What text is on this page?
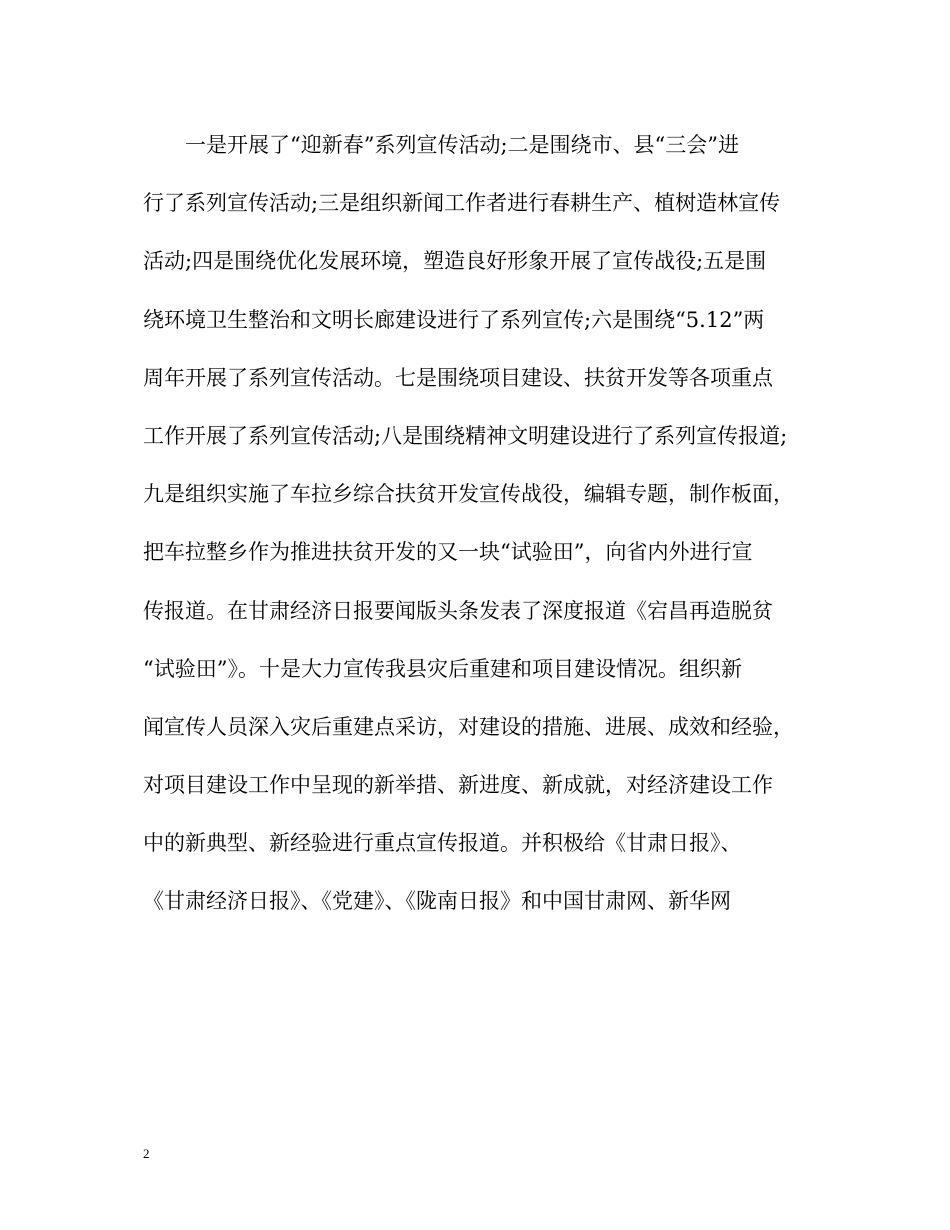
　　一是开展了“迎新春”系列宣传活动;二是围绕市、县“三会”进
行了系列宣传活动;三是组织新闻工作者进行春耕生产、植树造林宣传
活动;四是围绕优化发展环境，塑造良好形象开展了宣传战役;五是围
绕环境卫生整治和文明长廊建设进行了系列宣传;六是围绕“5.12”两
周年开展了系列宣传活动。七是围绕项目建设、扶贫开发等各项重点
工作开展了系列宣传活动;八是围绕精神文明建设进行了系列宣传报道;
九是组织实施了车拉乡综合扶贫开发宣传战役，编辑专题，制作板面，
把车拉整乡作为推进扶贫开发的又一块“试验田”，向省内外进行宣
传报道。在甘肃经济日报要闻版头条发表了深度报道《宕昌再造脱贫
“试验田”》。十是大力宣传我县灾后重建和项目建设情况。组织新
闻宣传人员深入灾后重建点采访，对建设的措施、进展、成效和经验，
对项目建设工作中呈现的新举措、新进度、新成就，对经济建设工作
中的新典型、新经验进行重点宣传报道。并积极给《甘肃日报》、
《甘肃经济日报》、《党建》、《陇南日报》和中国甘肃网、新华网
2
